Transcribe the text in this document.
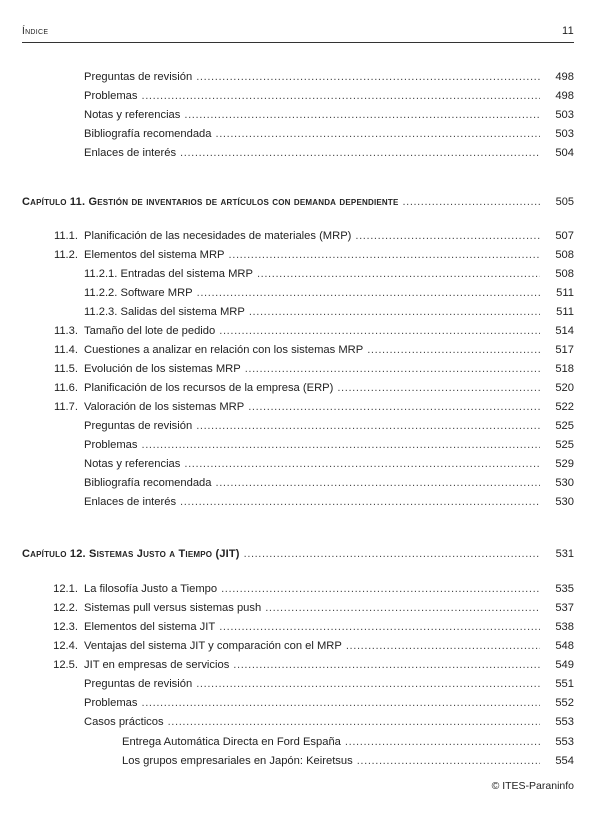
Índice	11
Preguntas de revisión .....	498
Problemas .....	498
Notas y referencias .....	503
Bibliografía recomendada .....	503
Enlaces de interés .....	504
Capítulo 11. Gestión de inventarios de artículos con demanda dependiente .....	505
11.1. Planificación de las necesidades de materiales (MRP) .....	507
11.2. Elementos del sistema MRP .....	508
11.2.1. Entradas del sistema MRP .....	508
11.2.2. Software MRP .....	511
11.2.3. Salidas del sistema MRP .....	511
11.3. Tamaño del lote de pedido .....	514
11.4. Cuestiones a analizar en relación con los sistemas MRP .....	517
11.5. Evolución de los sistemas MRP .....	518
11.6. Planificación de los recursos de la empresa (ERP) .....	520
11.7. Valoración de los sistemas MRP .....	522
Preguntas de revisión .....	525
Problemas .....	525
Notas y referencias .....	529
Bibliografía recomendada .....	530
Enlaces de interés .....	530
Capítulo 12. Sistemas Justo a Tiempo (JIT) .....	531
12.1. La filosofía Justo a Tiempo .....	535
12.2. Sistemas pull versus sistemas push .....	537
12.3. Elementos del sistema JIT .....	538
12.4. Ventajas del sistema JIT y comparación con el MRP .....	548
12.5. JIT en empresas de servicios .....	549
Preguntas de revisión .....	551
Problemas .....	552
Casos prácticos .....	553
Entrega Automática Directa en Ford España .....	553
Los grupos empresariales en Japón: Keiretsus .....	554
© ITES-Paraninfo
